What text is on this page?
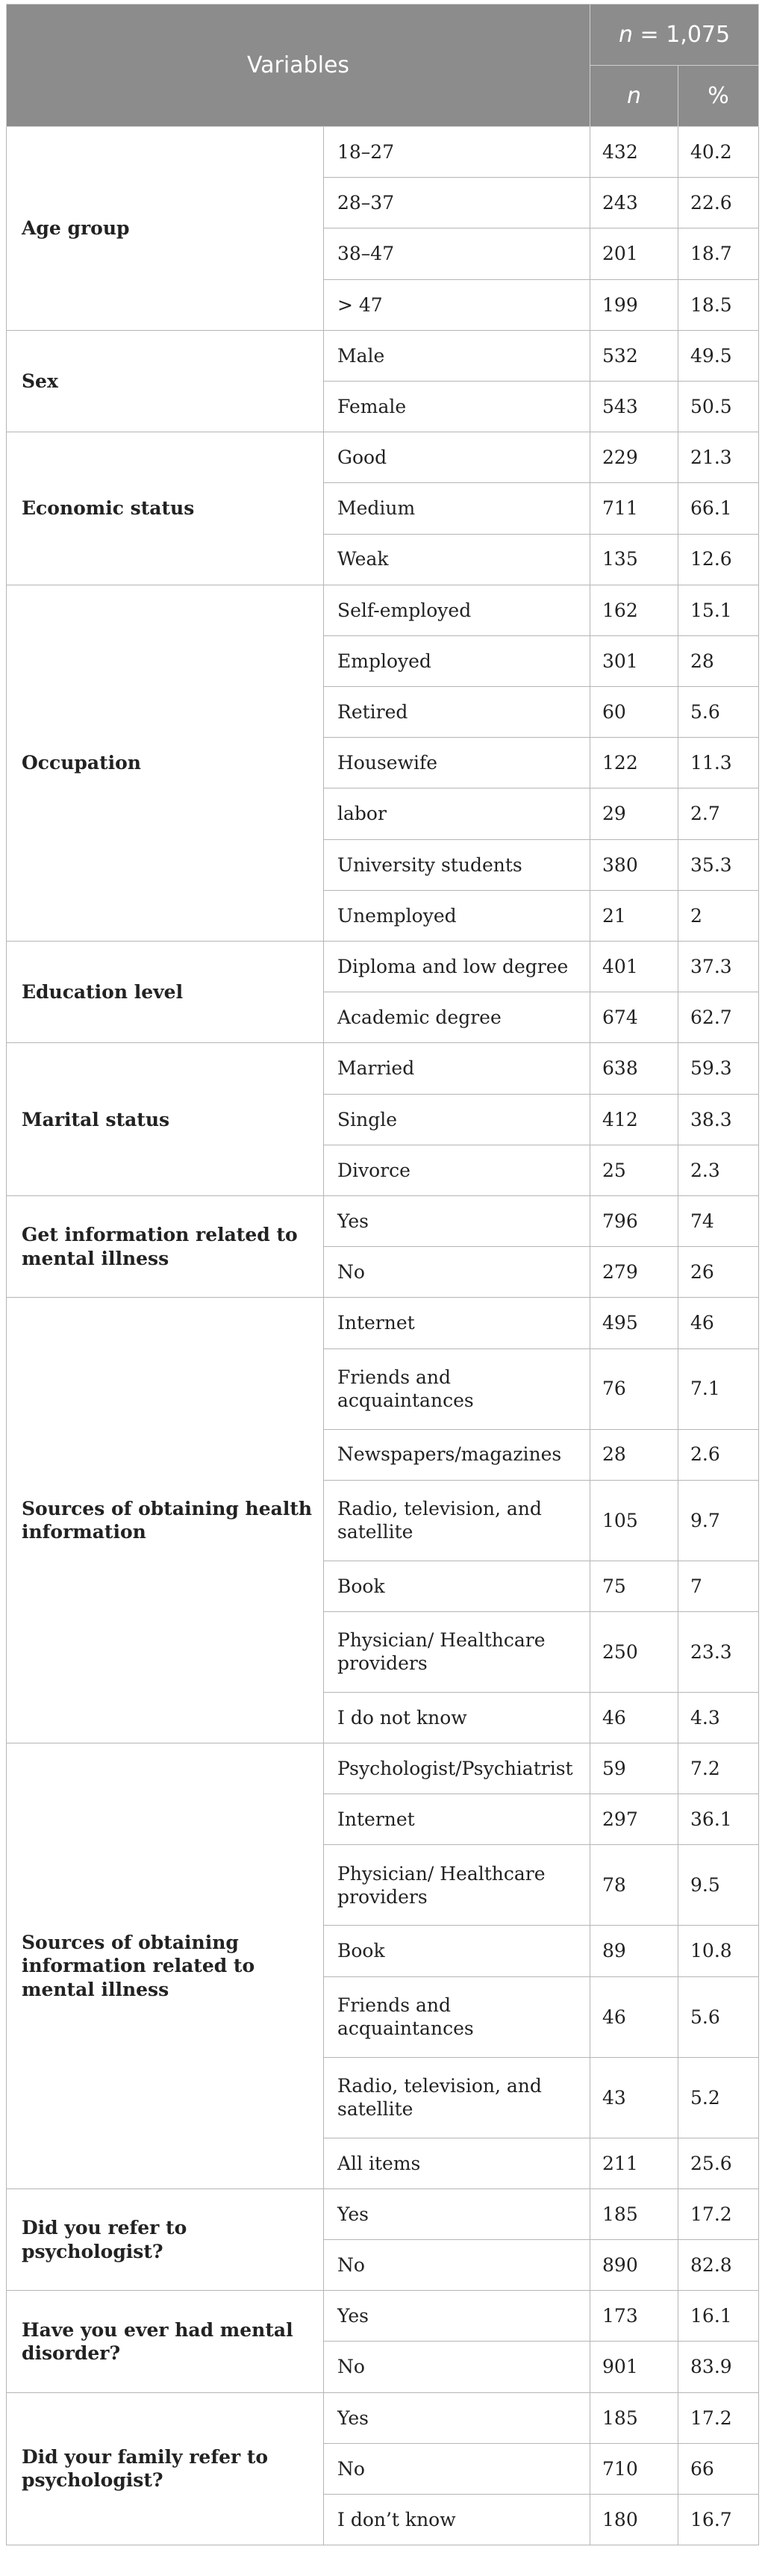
Variables		n = 1,075	
		n	%
Age group	18–27	432	40.2
	28–37	243	22.6
	38–47	201	18.7
	> 47	199	18.5
Sex	Male	532	49.5
	Female	543	50.5
Economic status	Good	229	21.3
	Medium	711	66.1
	Weak	135	12.6
Occupation	Self-employed	162	15.1
	Employed	301	28
	Retired	60	5.6
	Housewife	122	11.3
	labor	29	2.7
	University students	380	35.3
	Unemployed	21	2
Education level	Diploma and low degree	401	37.3
	Academic degree	674	62.7
Marital status	Married	638	59.3
	Single	412	38.3
	Divorce	25	2.3
Get information related to mental illness	Yes	796	74
	No	279	26
Sources of obtaining health information	Internet	495	46
	Friends and acquaintances	76	7.1
	Newspapers/magazines	28	2.6
	Radio, television, and satellite	105	9.7
	Book	75	7
	Physician/ Healthcare providers	250	23.3
	I do not know	46	4.3
Sources of obtaining information related to mental illness	Psychologist/Psychiatrist	59	7.2
	Internet	297	36.1
	Physician/ Healthcare providers	78	9.5
	Book	89	10.8
	Friends and acquaintances	46	5.6
	Radio, television, and satellite	43	5.2
	All items	211	25.6
Did you refer to psychologist?	Yes	185	17.2
	No	890	82.8
Have you ever had mental disorder?	Yes	173	16.1
	No	901	83.9
Did your family refer to psychologist?	Yes	185	17.2
	No	710	66
	I don’t know	180	16.7
